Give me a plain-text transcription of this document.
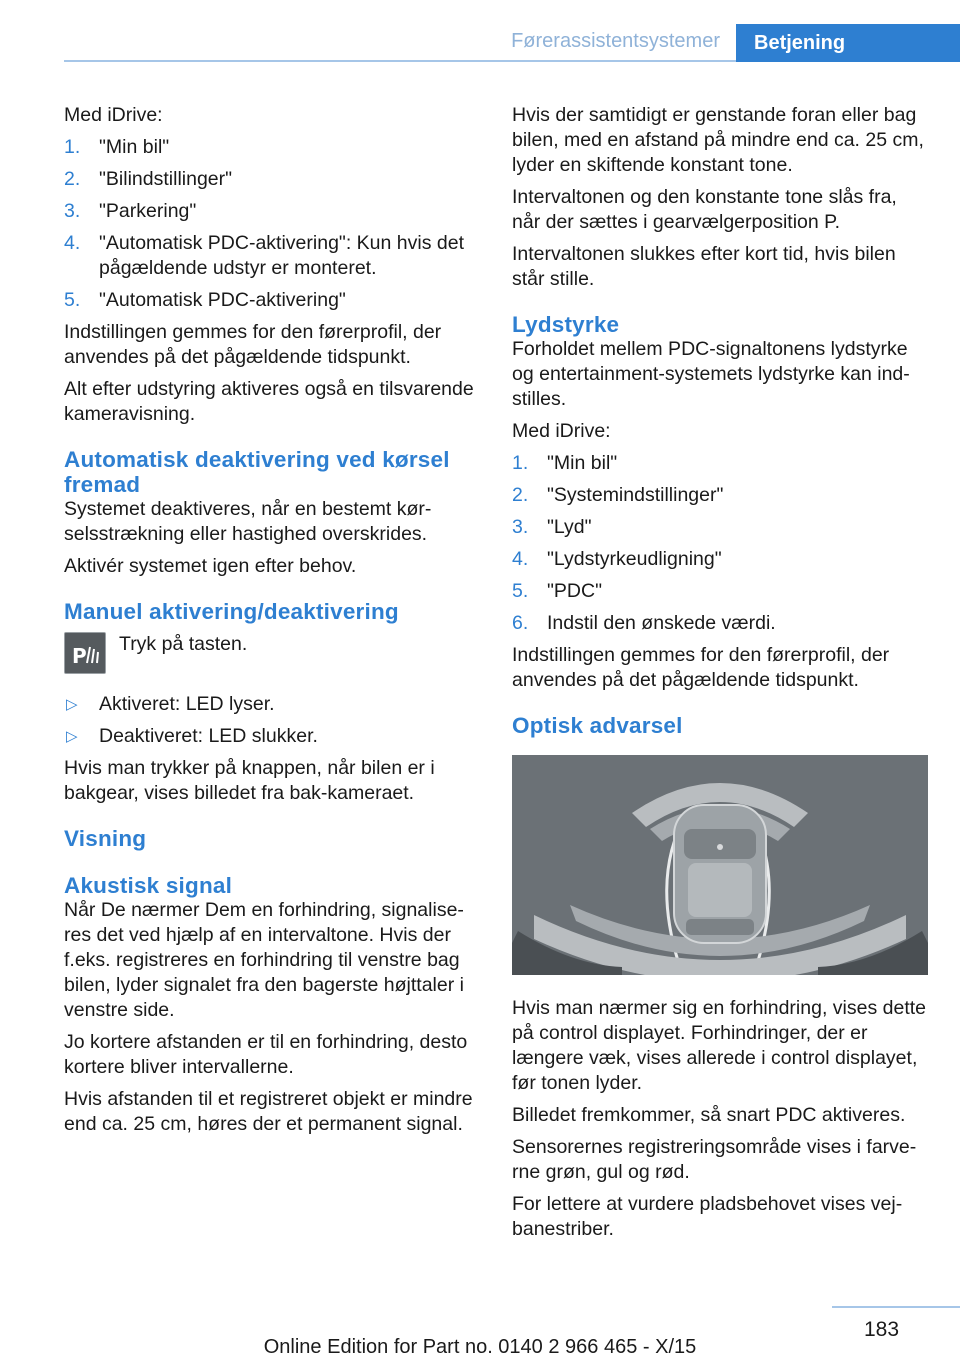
Førerassistentsystemer	Betjening

Med iDrive:

1. "Min bil"
2. "Bilindstillinger"
3. "Parkering"
4. "Automatisk PDC-aktivering": Kun hvis det pågældende udstyr er monteret.
5. "Automatisk PDC-aktivering"

Indstillingen gemmes for den førerprofil, der anvendes på det pågældende tidspunkt.

Alt efter udstyring aktiveres også en tilsvarende kameravisning.

Automatisk deaktivering ved kørsel fremad

Systemet deaktiveres, når en bestemt kørselsstrækning eller hastighed overskrides.

Aktivér systemet igen efter behov.

Manuel aktivering/deaktivering
P Tryk på tasten.
▷ Aktiveret: LED lyser.
▷ Deaktiveret: LED slukker.

Hvis man trykker på knappen, når bilen er i bakgear, vises billedet fra bak-kameraet.

Visning
Akustisk signal

Når De nærmer Dem en forhindring, signaliseres det ved hjælp af en intervaltone. Hvis der f.eks. registreres en forhindring til venstre bag bilen, lyder signalet fra den bagerste højttaler i venstre side.

Jo kortere afstanden er til en forhindring, desto kortere bliver intervallerne.

Hvis afstanden til et registreret objekt er mindre end ca. 25 cm, høres der et permanent signal.

Hvis der samtidigt er genstande foran eller bag bilen, med en afstand på mindre end ca. 25 cm, lyder en skiftende konstant tone.

Intervaltonen og den konstante tone slås fra, når der sættes i gearvælgerposition P.

Intervaltonen slukkes efter kort tid, hvis bilen står stille.

Lydstyrke

Forholdet mellem PDC-signaltonens lydstyrke og entertainment-systemets lydstyrke kan indstilles.

Med iDrive:

1. "Min bil"
2. "Systemindstillinger"
3. "Lyd"
4. "Lydstyrkeudligning"
5. "PDC"
6. Indstil den ønskede værdi.

Indstillingen gemmes for den førerprofil, der anvendes på det pågældende tidspunkt.

Optisk advarsel

Hvis man nærmer sig en forhindring, vises dette på control displayet. Forhindringer, der er længere væk, vises allerede i control displayet, før tonen lyder.

Billedet fremkommer, så snart PDC aktiveres.

Sensorernes registreringsområde vises i farverne grøn, gul og rød.

For lettere at vurdere pladsbehovet vises vejbanestriber.

183
Online Edition for Part no. 0140 2 966 465 - X/15
